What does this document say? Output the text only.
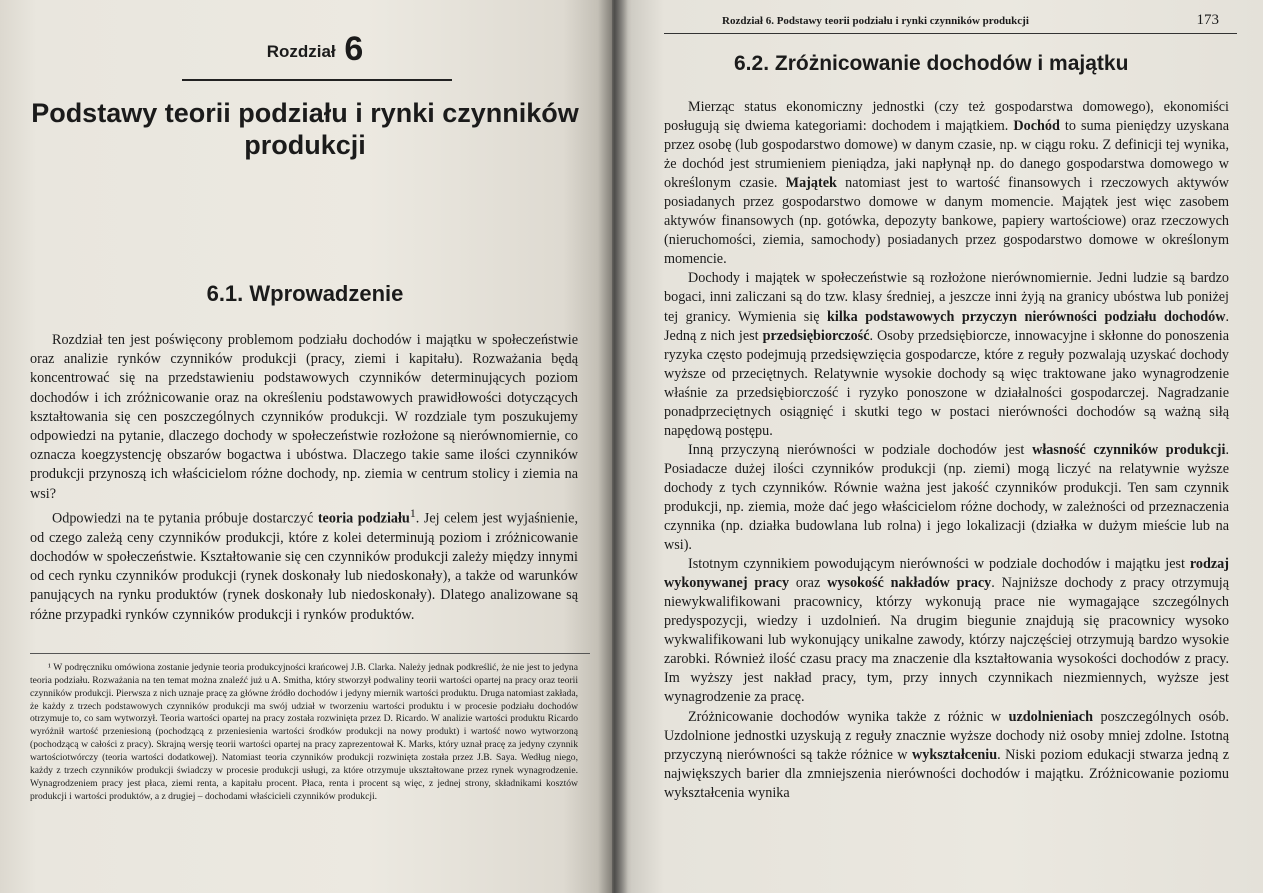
Rozdział 6
Podstawy teorii podziału i rynki czynników produkcji
6.1. Wprowadzenie

Rozdział ten jest poświęcony problemom podziału dochodów i majątku w społeczeństwie oraz analizie rynków czynników produkcji (pracy, ziemi i kapitału). Rozważania będą koncentrować się na przedstawieniu podstawowych czynników determinujących poziom dochodów i ich zróżnicowanie oraz na określeniu podstawowych prawidłowości dotyczących kształtowania się cen poszczególnych czynników produkcji. W rozdziale tym poszukujemy odpowiedzi na pytanie, dlaczego dochody w społeczeństwie rozłożone są nierównomiernie, co oznacza koegzystencję obszarów bogactwa i ubóstwa. Dlaczego takie same ilości czynników produkcji przynoszą ich właścicielom różne dochody, np. ziemia w centrum stolicy i ziemia na wsi?

Odpowiedzi na te pytania próbuje dostarczyć teoria podziału$^1$. Jej celem jest wyjaśnienie, od czego zależą ceny czynników produkcji, które z kolei determinują poziom i zróżnicowanie dochodów w społeczeństwie. Kształtowanie się cen czynników produkcji zależy między innymi od cech rynku czynników produkcji (rynek doskonały lub niedoskonały), a także od warunków panujących na rynku produktów (rynek doskonały lub niedoskonały). Dlatego analizowane są różne przypadki rynków czynników produkcji i rynków produktów.

¹ W podręczniku omówiona zostanie jedynie teoria produkcyjności krańcowej J.B. Clarka. Należy jednak podkreślić, że nie jest to jedyna teoria podziału. Rozważania na ten temat można znaleźć już u A. Smitha, który stworzył podwaliny teorii wartości opartej na pracy oraz teorii czynników produkcji. Pierwsza z nich uznaje pracę za główne źródło dochodów i jedyny miernik wartości produktu. Druga natomiast zakłada, że każdy z trzech podstawowych czynników produkcji ma swój udział w tworzeniu wartości produktu i w procesie podziału dochodów otrzymuje to, co sam wytworzył. Teoria wartości opartej na pracy została rozwinięta przez D. Ricardo. W analizie wartości produktu Ricardo wyróżnił wartość przeniesioną (pochodzącą z przeniesienia wartości środków produkcji na nowy produkt) i wartość nowo wytworzoną (pochodzącą w całości z pracy). Skrajną wersję teorii wartości opartej na pracy zaprezentował K. Marks, który uznał pracę za jedyny czynnik wartościotwórczy (teoria wartości dodatkowej). Natomiast teoria czynników produkcji rozwinięta została przez J.B. Saya. Według niego, każdy z trzech czynników produkcji świadczy w procesie produkcji usługi, za które otrzymuje ukształtowane przez rynek wynagrodzenie. Wynagrodzeniem pracy jest płaca, ziemi renta, a kapitału procent. Płaca, renta i procent są więc, z jednej strony, składnikami kosztów produkcji i wartości produktów, a z drugiej – dochodami właścicieli czynników produkcji.

Rozdział 6. Podstawy teorii podziału i rynki czynników produkcji	173
6.2. Zróżnicowanie dochodów i majątku

Mierząc status ekonomiczny jednostki (czy też gospodarstwa domowego), ekonomiści posługują się dwiema kategoriami: dochodem i majątkiem. Dochód to suma pieniędzy uzyskana przez osobę (lub gospodarstwo domowe) w danym czasie, np. w ciągu roku. Z definicji tej wynika, że dochód jest strumieniem pieniądza, jaki napłynął np. do danego gospodarstwa domowego w określonym czasie. Majątek natomiast jest to wartość finansowych i rzeczowych aktywów posiadanych przez gospodarstwo domowe w danym momencie. Majątek jest więc zasobem aktywów finansowych (np. gotówka, depozyty bankowe, papiery wartościowe) oraz rzeczowych (nieruchomości, ziemia, samochody) posiadanych przez gospodarstwo domowe w określonym momencie.

Dochody i majątek w społeczeństwie są rozłożone nierównomiernie. Jedni ludzie są bardzo bogaci, inni zaliczani są do tzw. klasy średniej, a jeszcze inni żyją na granicy ubóstwa lub poniżej tej granicy. Wymienia się kilka podstawowych przyczyn nierówności podziału dochodów. Jedną z nich jest przedsiębiorczość. Osoby przedsiębiorcze, innowacyjne i skłonne do ponoszenia ryzyka często podejmują przedsięwzięcia gospodarcze, które z reguły pozwalają uzyskać dochody wyższe od przeciętnych. Relatywnie wysokie dochody są więc traktowane jako wynagrodzenie właśnie za przedsiębiorczość i ryzyko ponoszone w działalności gospodarczej. Nagradzanie ponadprzeciętnych osiągnięć i skutki tego w postaci nierówności dochodów są ważną siłą napędową postępu.

Inną przyczyną nierówności w podziale dochodów jest własność czynników produkcji. Posiadacze dużej ilości czynników produkcji (np. ziemi) mogą liczyć na relatywnie wyższe dochody z tych czynników. Równie ważna jest jakość czynników produkcji. Ten sam czynnik produkcji, np. ziemia, może dać jego właścicielom różne dochody, w zależności od przeznaczenia czynnika (np. działka budowlana lub rolna) i jego lokalizacji (działka w dużym mieście lub na wsi).

Istotnym czynnikiem powodującym nierówności w podziale dochodów i majątku jest rodzaj wykonywanej pracy oraz wysokość nakładów pracy. Najniższe dochody z pracy otrzymują niewykwalifikowani pracownicy, którzy wykonują prace nie wymagające szczególnych predyspozycji, wiedzy i uzdolnień. Na drugim biegunie znajdują się pracownicy wysoko wykwalifikowani lub wykonujący unikalne zawody, którzy najczęściej otrzymują bardzo wysokie zarobki. Również ilość czasu pracy ma znaczenie dla kształtowania wysokości dochodów z pracy. Im wyższy jest nakład pracy, tym, przy innych czynnikach niezmiennych, wyższe jest wynagrodzenie za pracę.

Zróżnicowanie dochodów wynika także z różnic w uzdolnieniach poszczególnych osób. Uzdolnione jednostki uzyskują z reguły znacznie wyższe dochody niż osoby mniej zdolne. Istotną przyczyną nierówności są także różnice w wykształceniu. Niski poziom edukacji stwarza jedną z największych barier dla zmniejszenia nierówności dochodów i majątku. Zróżnicowanie poziomu wykształcenia wynika
